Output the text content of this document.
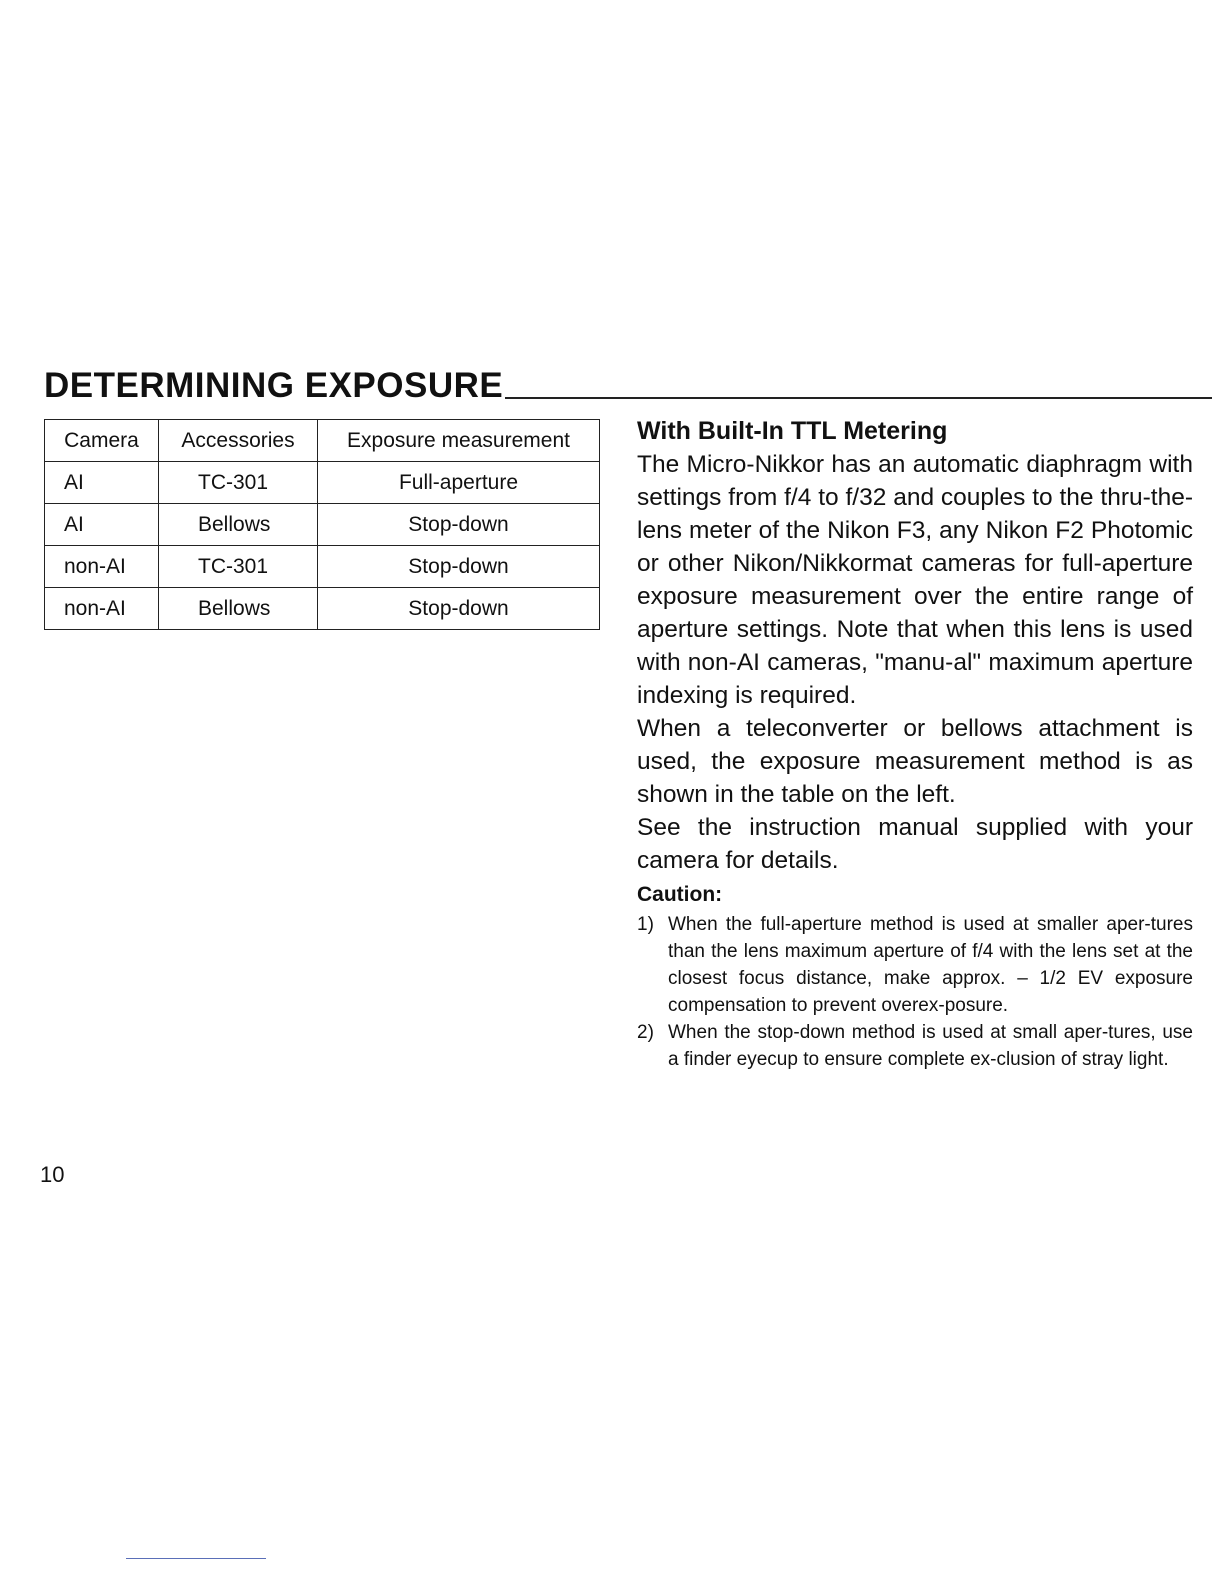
DETERMINING EXPOSURE
Camera	Accessories	Exposure measurement
AI	TC-301	Full-aperture
AI	Bellows	Stop-down
non-AI	TC-301	Stop-down
non-AI	Bellows	Stop-down
With Built-In TTL Metering

The Micro-Nikkor has an automatic diaphragm with settings from f/4 to f/32 and couples to the thru-the-lens meter of the Nikon F3, any Nikon F2 Photomic or other Nikon/Nikkormat cameras for full-aperture exposure measurement over the entire range of aperture settings. Note that when this lens is used with non-AI cameras, "manu-al" maximum aperture indexing is required.

When a teleconverter or bellows attachment is used, the exposure measurement method is as shown in the table on the left.

See the instruction manual supplied with your camera for details.

Caution:
1) When the full-aperture method is used at smaller aper-tures than the lens maximum aperture of f/4 with the lens set at the closest focus distance, make approx. – 1/2 EV exposure compensation to prevent overex-posure.
2) When the stop-down method is used at small aper-tures, use a finder eyecup to ensure complete ex-clusion of stray light.
10
